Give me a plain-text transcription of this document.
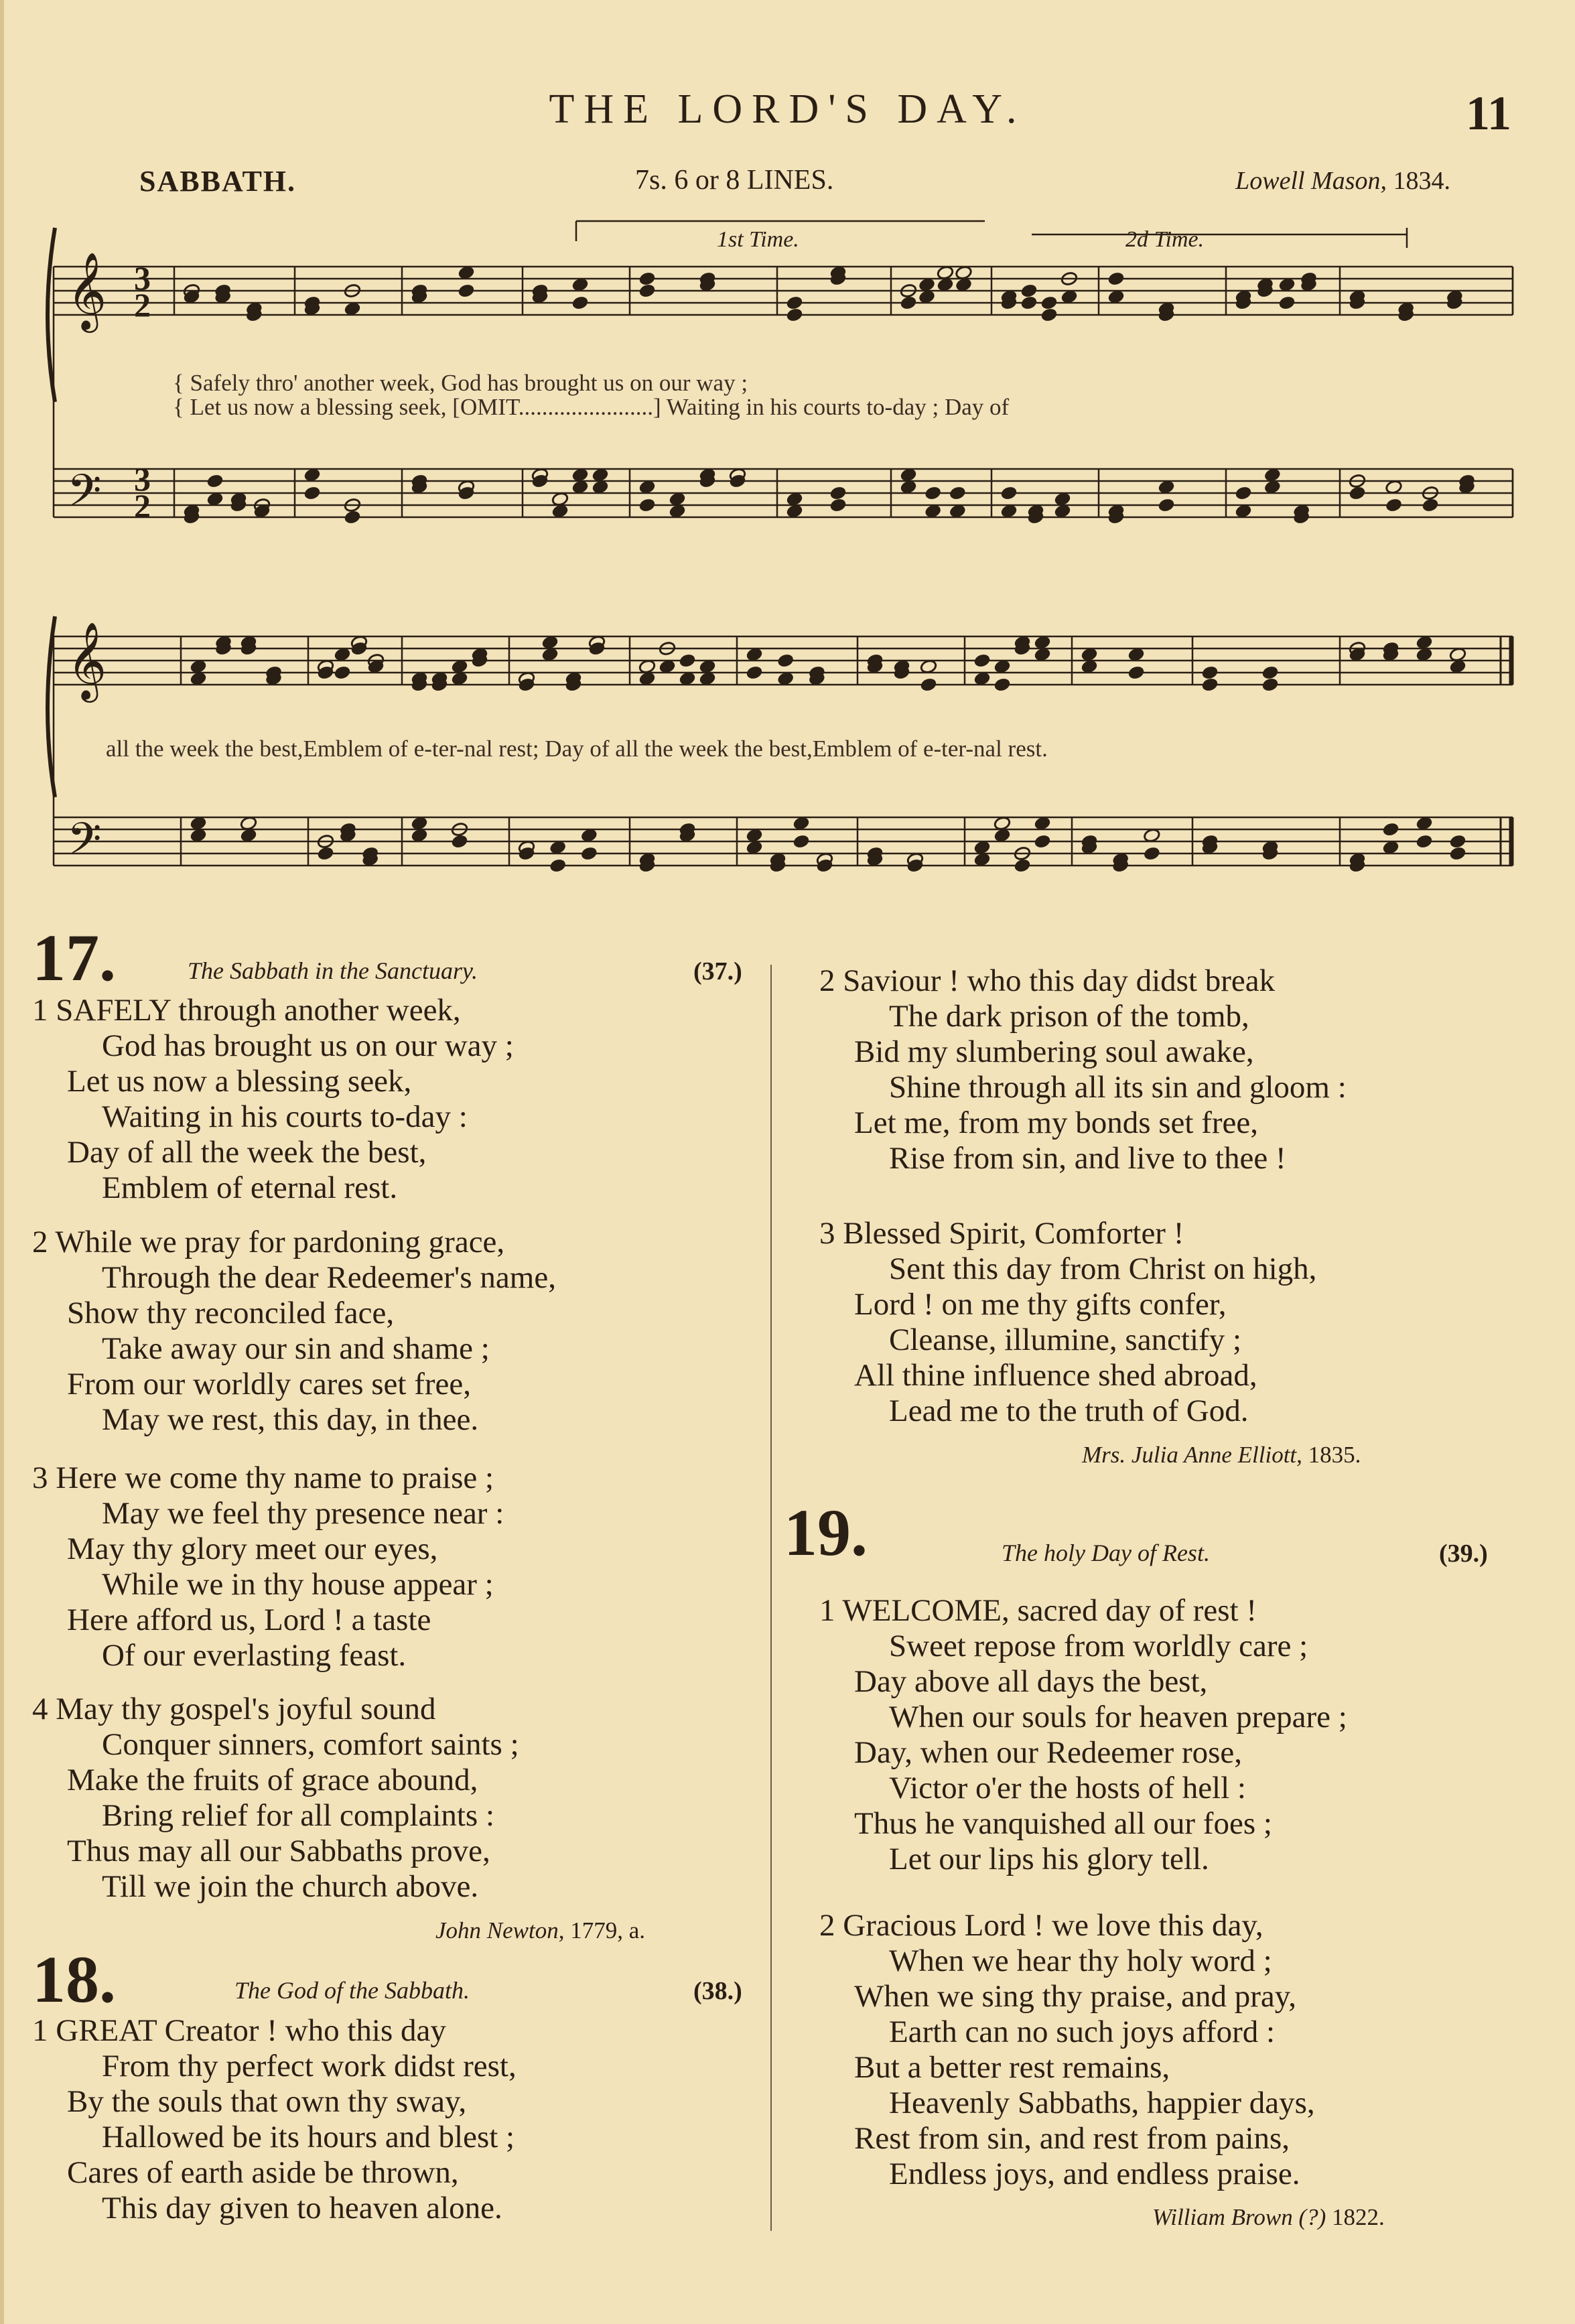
THE LORD'S DAY.	11
SABBATH.	7s. 6 or 8 LINES.	Lowell Mason, 1834.
𝄞
𝄢
3
2
3
2
1st Time.	2d Time.
{ Safely thro' another week, God has brought us on our way ;
{ Let us now a blessing seek, [OMIT.......................] Waiting in his courts to-day ; Day of
𝄞
𝄢
all the week the best,Emblem of e-ter-nal rest; Day of all the week the best,Emblem of e-ter-nal rest.
17.	The Sabbath in the Sanctuary.	(37.)
1 SAFELY through another week,
God has brought us on our way ;
Let us now a blessing seek,
Waiting in his courts to-day :
Day of all the week the best,
Emblem of eternal rest.
2 While we pray for pardoning grace,
Through the dear Redeemer's name,
Show thy reconciled face,
Take away our sin and shame ;
From our worldly cares set free,
May we rest, this day, in thee.
3 Here we come thy name to praise ;
May we feel thy presence near :
May thy glory meet our eyes,
While we in thy house appear ;
Here afford us, Lord ! a taste
Of our everlasting feast.
4 May thy gospel's joyful sound
Conquer sinners, comfort saints ;
Make the fruits of grace abound,
Bring relief for all complaints :
Thus may all our Sabbaths prove,
Till we join the church above.
John Newton, 1779, a.
18.	The God of the Sabbath.	(38.)
1 GREAT Creator ! who this day
From thy perfect work didst rest,
By the souls that own thy sway,
Hallowed be its hours and blest ;
Cares of earth aside be thrown,
This day given to heaven alone.
2 Saviour ! who this day didst break
The dark prison of the tomb,
Bid my slumbering soul awake,
Shine through all its sin and gloom :
Let me, from my bonds set free,
Rise from sin, and live to thee !
3 Blessed Spirit, Comforter !
Sent this day from Christ on high,
Lord ! on me thy gifts confer,
Cleanse, illumine, sanctify ;
All thine influence shed abroad,
Lead me to the truth of God.
Mrs. Julia Anne Elliott, 1835.
19.	The holy Day of Rest.	(39.)
1 WELCOME, sacred day of rest !
Sweet repose from worldly care ;
Day above all days the best,
When our souls for heaven prepare ;
Day, when our Redeemer rose,
Victor o'er the hosts of hell :
Thus he vanquished all our foes ;
Let our lips his glory tell.
2 Gracious Lord ! we love this day,
When we hear thy holy word ;
When we sing thy praise, and pray,
Earth can no such joys afford :
But a better rest remains,
Heavenly Sabbaths, happier days,
Rest from sin, and rest from pains,
Endless joys, and endless praise.
William Brown (?) 1822.
